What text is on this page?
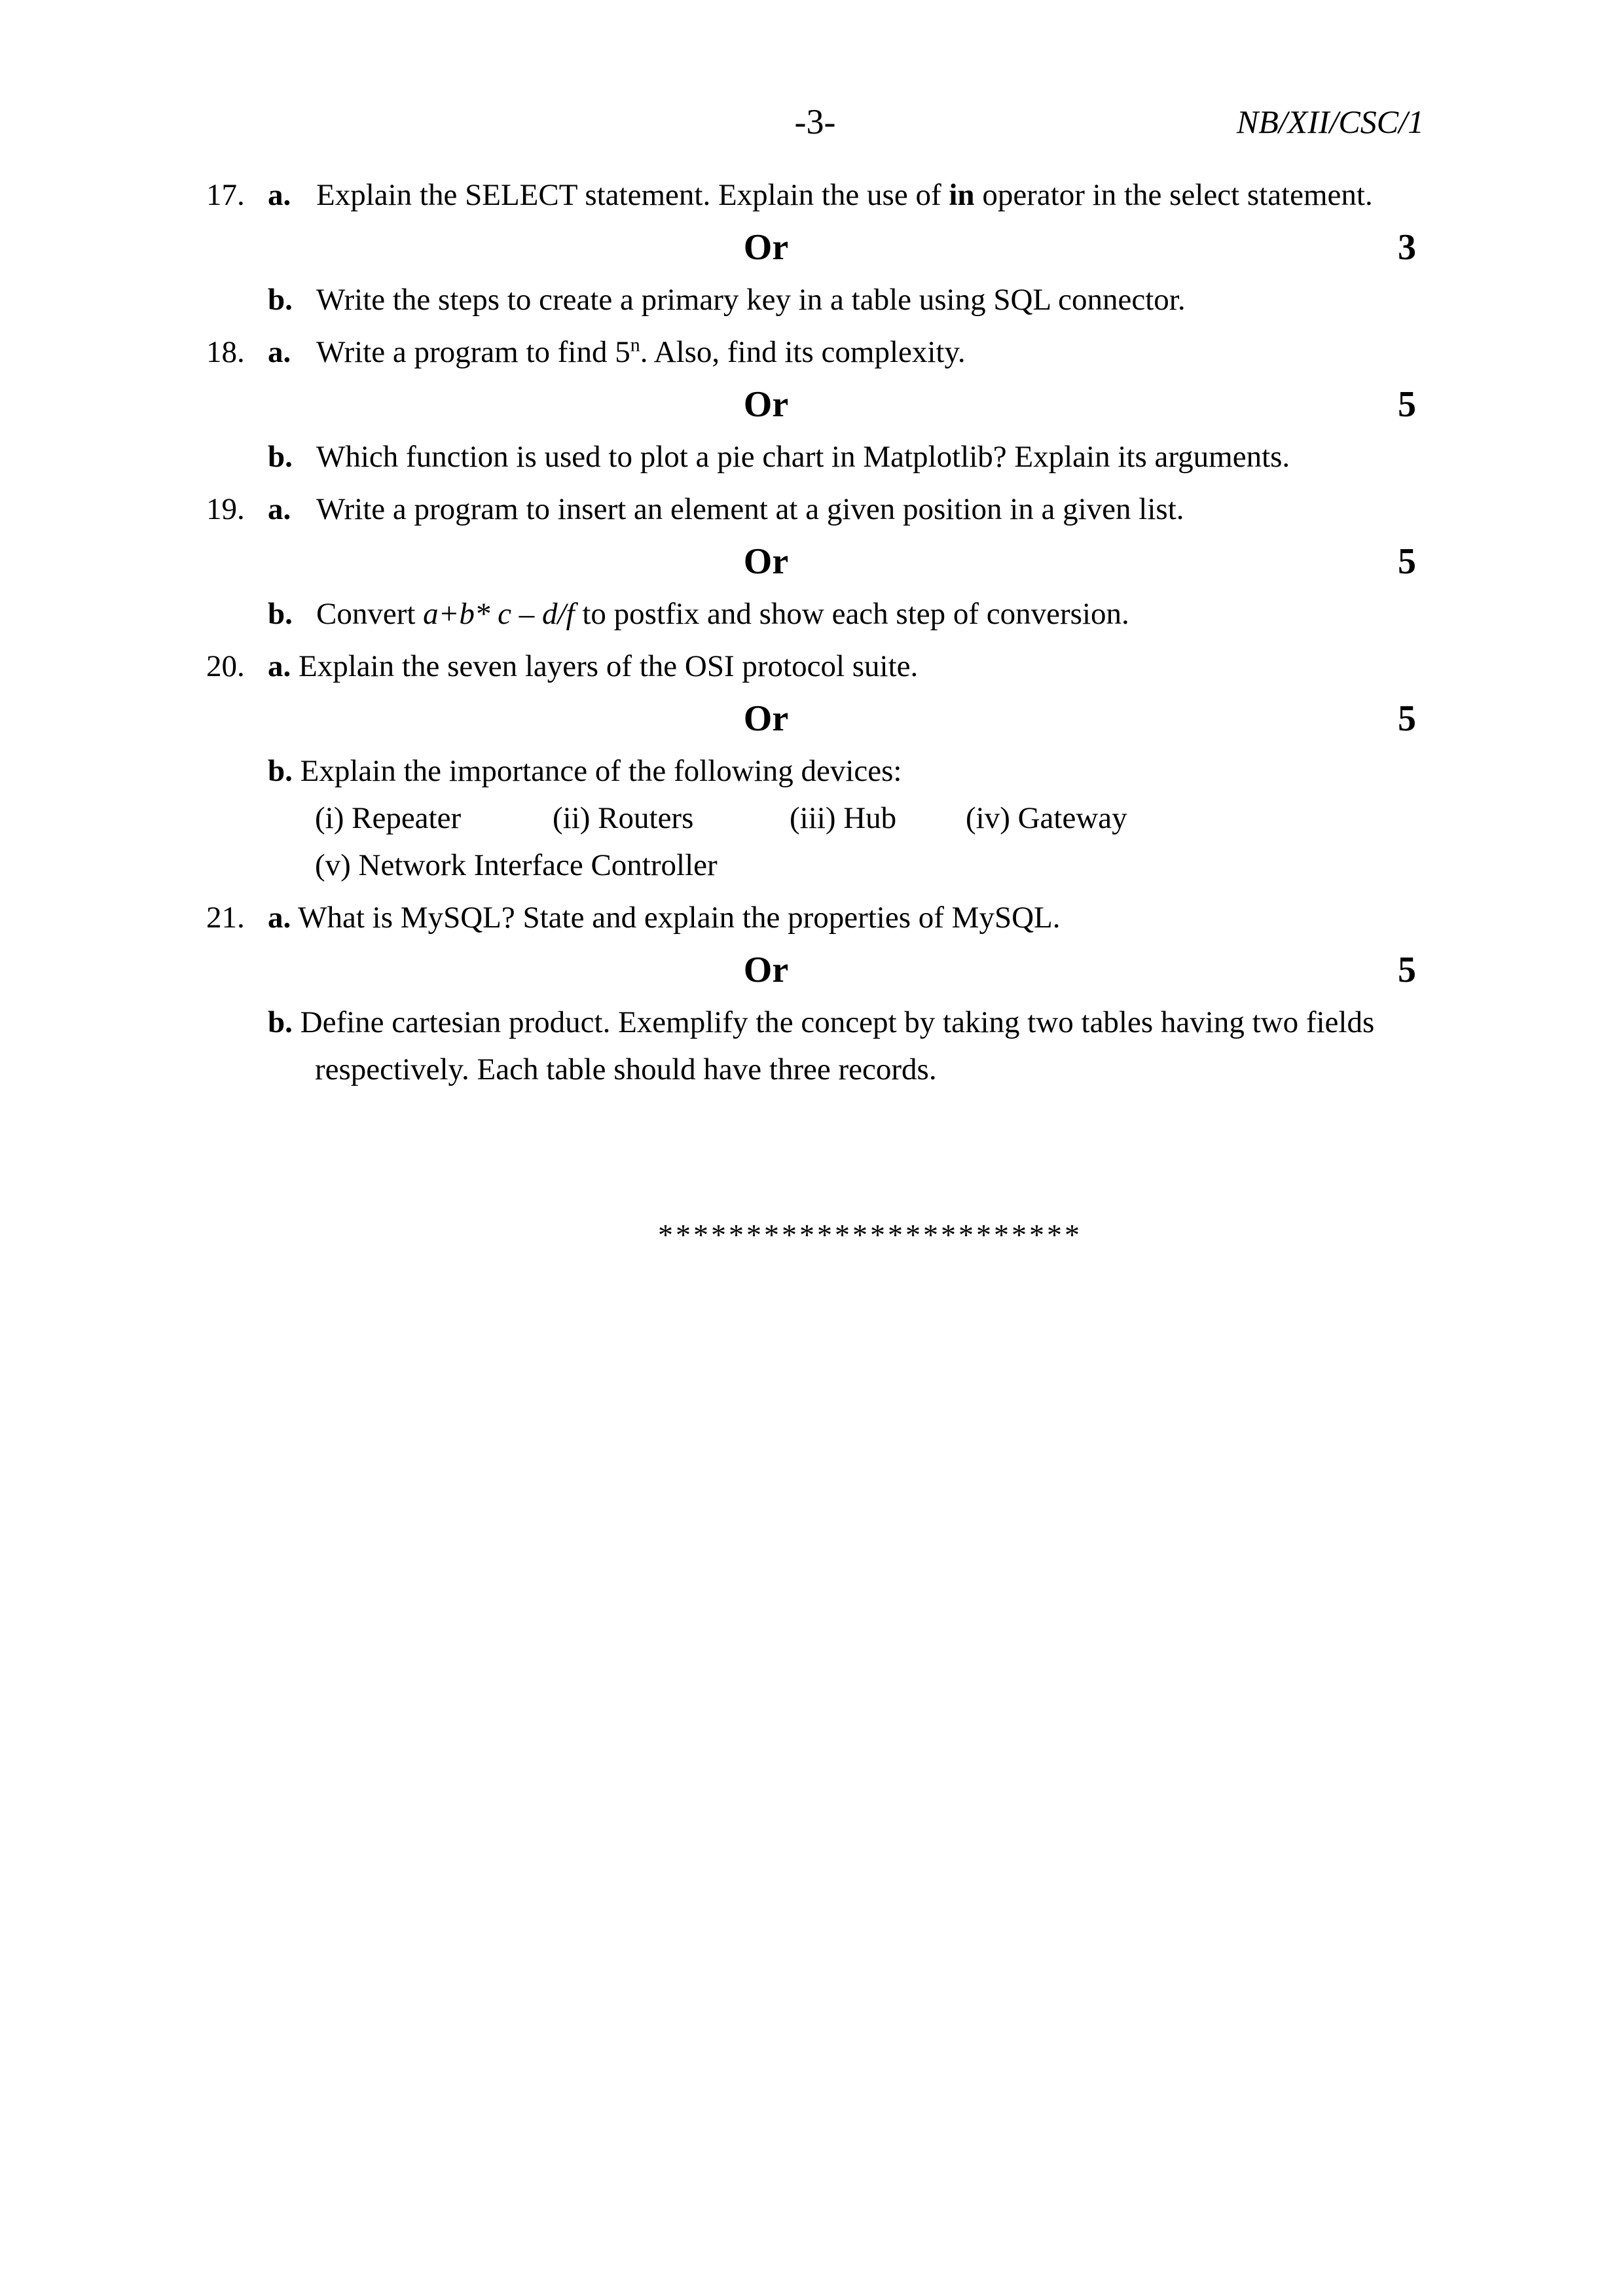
-3-	NB/XII/CSC/1
17. a. Explain the SELECT statement. Explain the use of in operator in the select statement.
Or	3
b. Write the steps to create a primary key in a table using SQL connector.
18. a. Write a program to find 5$^n$. Also, find its complexity.
Or	5
b. Which function is used to plot a pie chart in Matplotlib? Explain its arguments.
19. a. Write a program to insert an element at a given position in a given list.
Or	5
b. Convert a+b* c – d/f to postfix and show each step of conversion.
20. a. Explain the seven layers of the OSI protocol suite.
Or	5
b. Explain the importance of the following devices:
(i) Repeater	(ii) Routers	(iii) Hub (iv) Gateway
(v) Network Interface Controller
21. a. What is MySQL? State and explain the properties of MySQL.
Or	5
b. Define cartesian product. Exemplify the concept by taking two tables having two fields respectively. Each table should have three records.
************************
